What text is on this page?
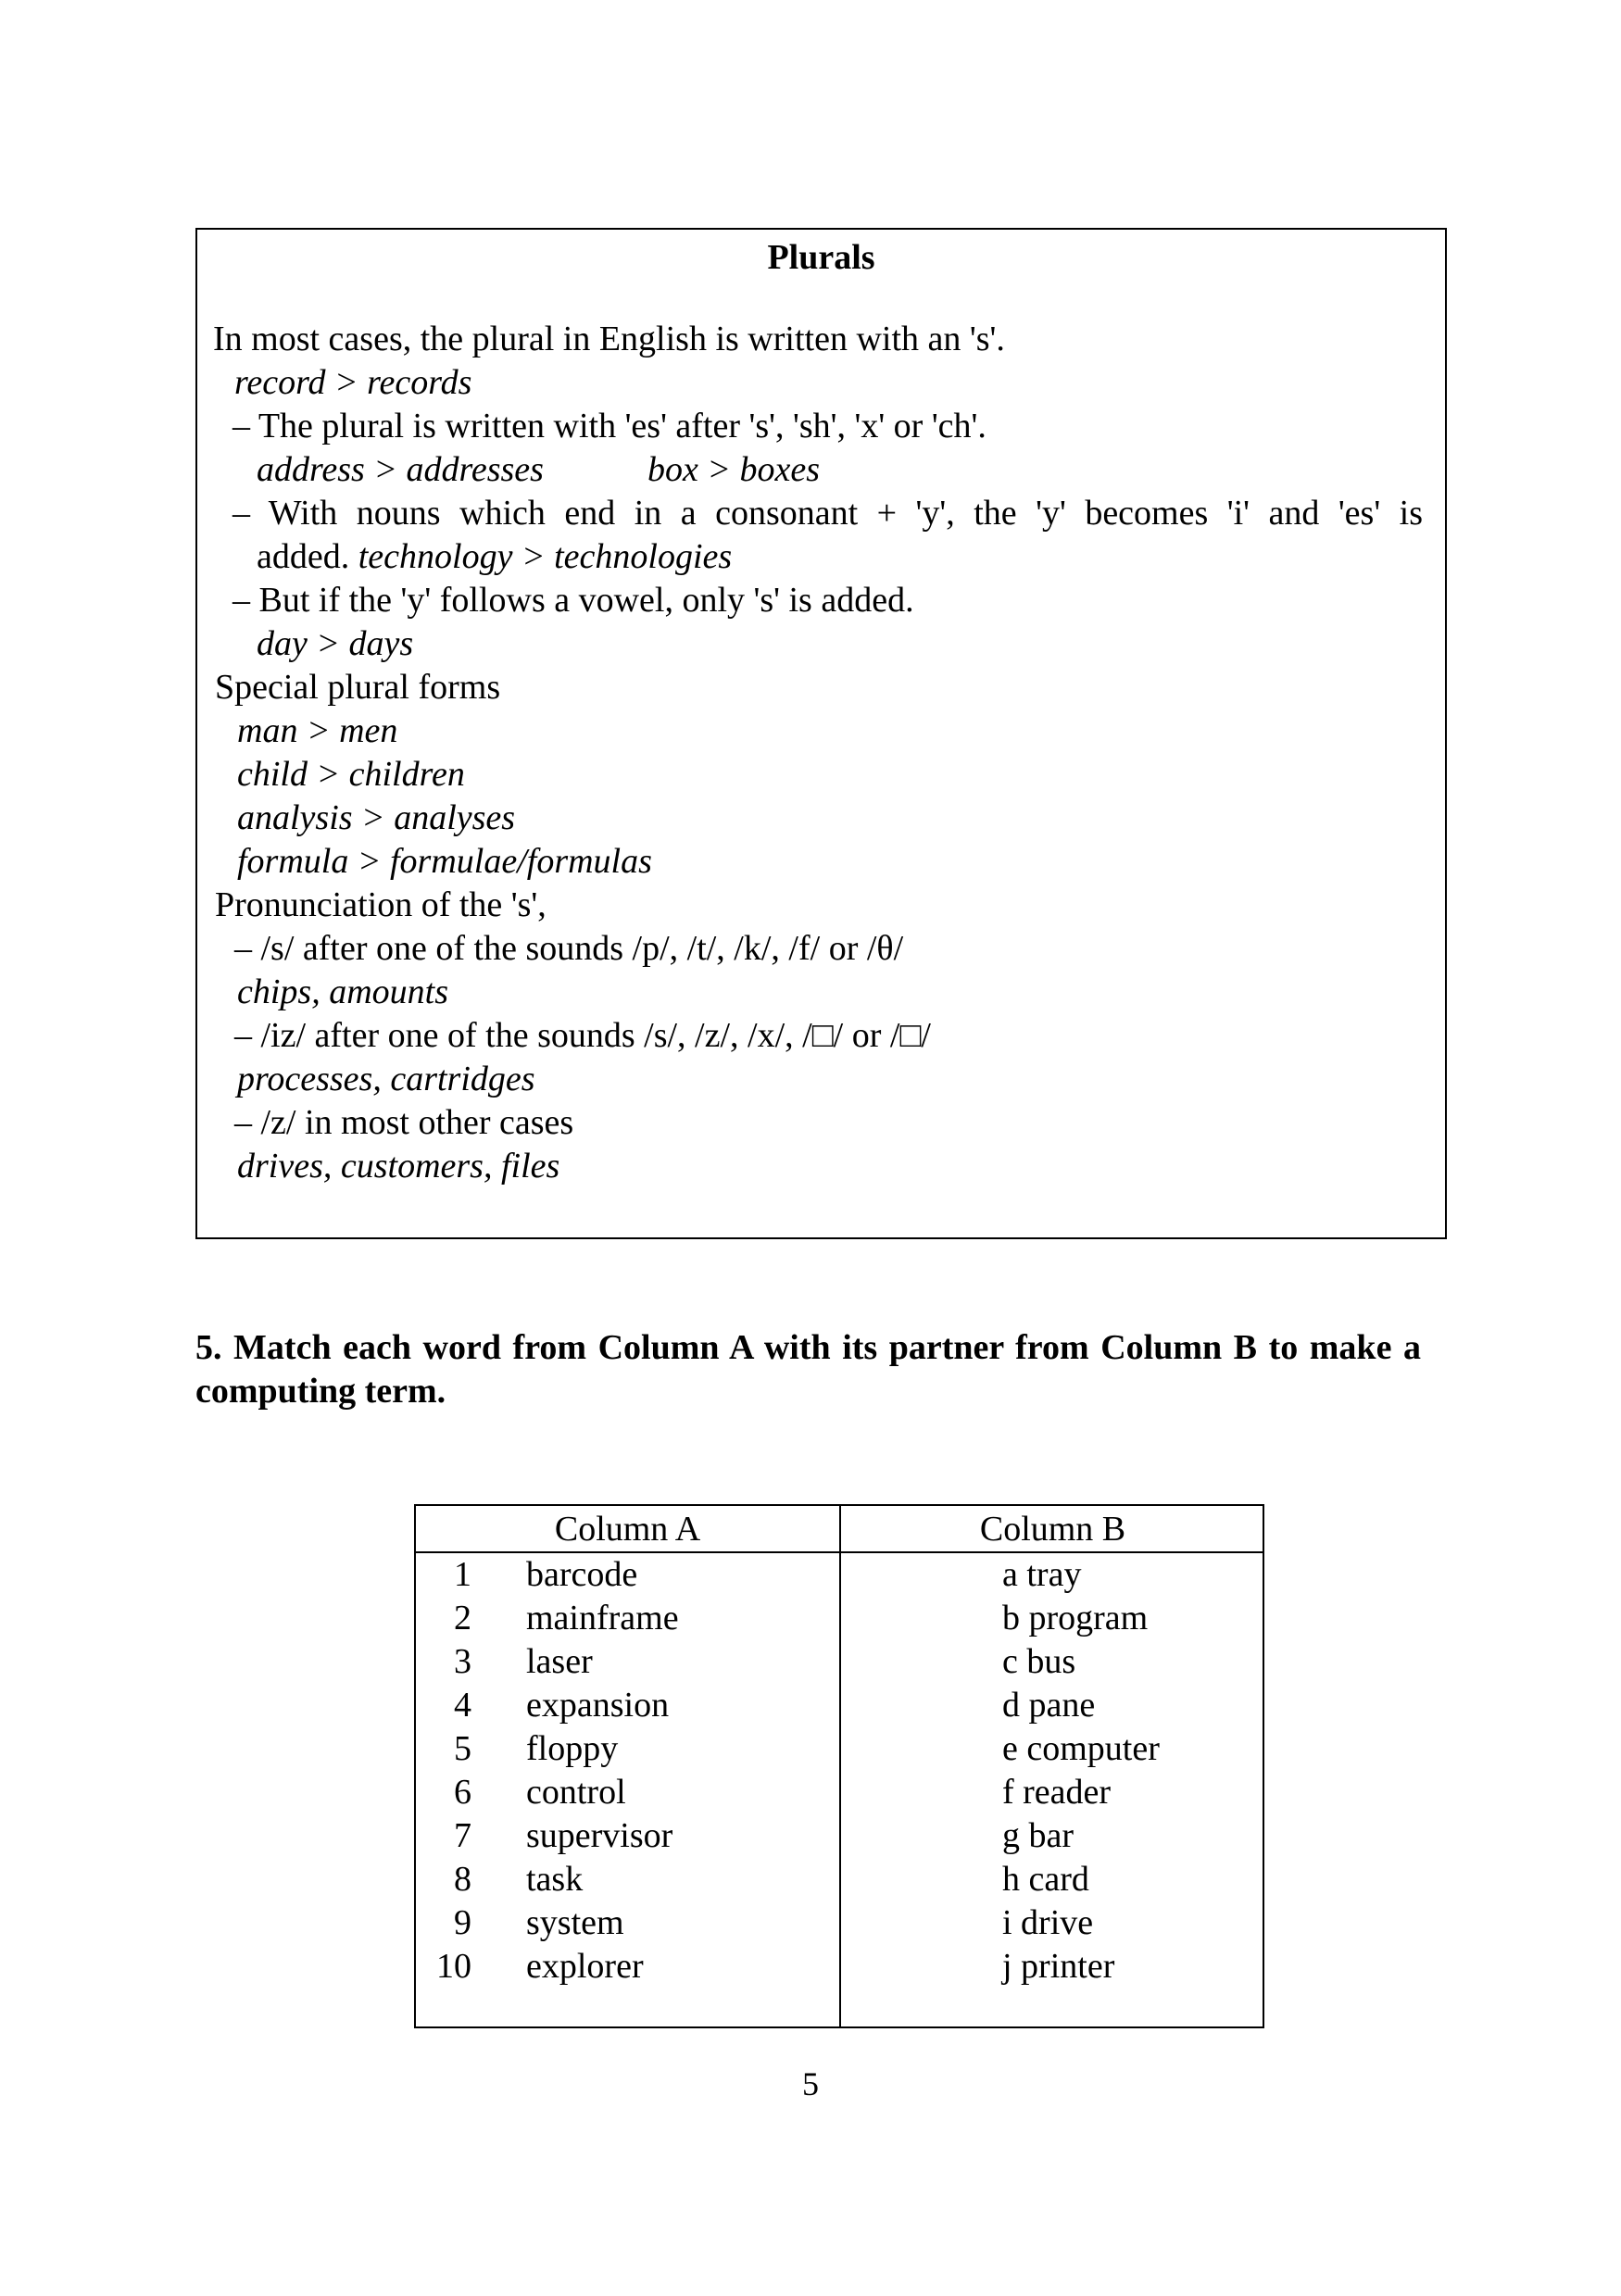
Plurals
In most cases, the plural in English is written with an 's'.
record > records
– The plural is written with 'es' after 's', 'sh', 'x' or 'ch'.
address > addresses	box > boxes
– With nouns which end in a consonant + 'y', the 'y' becomes 'i' and 'es' is
added. technology > technologies
– But if the 'y' follows a vowel, only 's' is added.
day > days
Special plural forms
man > men
child > children
analysis > analyses
formula > formulae/formulas
Pronunciation of the 's',
– /s/ after one of the sounds /p/, /t/, /k/, /f/ or /θ/
chips, amounts
– /iz/ after one of the sounds /s/, /z/, /x/, /□/ or /□/
processes, cartridges
– /z/ in most other cases
drives, customers, files
5. Match each word from Column A with its partner from Column B to make a computing term.
Column A	Column B
1 barcode
2 mainframe
3 laser
4 expansion
5 floppy
6 control
7 supervisor
8 task
9 system
10 explorer
a tray
b program
c bus
d pane
e computer
f reader
g bar
h card
i drive
j printer
5
